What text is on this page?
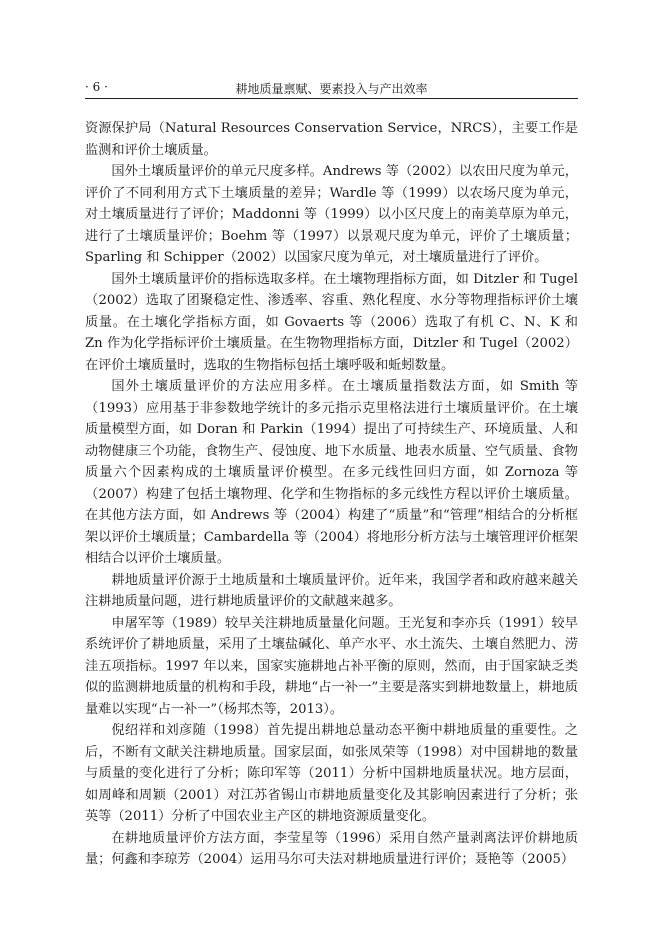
· 6 ·	耕地质量禀赋、要素投入与产出效率

资源保护局（Natural Resources Conservation Service，NRCS），主要工作是监测和评价土壤质量。

国外土壤质量评价的单元尺度多样。Andrews 等（2002）以农田尺度为单元，评价了不同利用方式下土壤质量的差异；Wardle 等（1999）以农场尺度为单元，对土壤质量进行了评价；Maddonni 等（1999）以小区尺度上的南美草原为单元，进行了土壤质量评价；Boehm 等（1997）以景观尺度为单元，评价了土壤质量；Sparling 和 Schipper（2002）以国家尺度为单元，对土壤质量进行了评价。

国外土壤质量评价的指标选取多样。在土壤物理指标方面，如 Ditzler 和 Tugel（2002）选取了团聚稳定性、渗透率、容重、熟化程度、水分等物理指标评价土壤质量。在土壤化学指标方面，如 Govaerts 等（2006）选取了有机 C、N、K 和 Zn 作为化学指标评价土壤质量。在生物物理指标方面，Ditzler 和 Tugel（2002）在评价土壤质量时，选取的生物指标包括土壤呼吸和蚯蚓数量。

国外土壤质量评价的方法应用多样。在土壤质量指数法方面，如 Smith 等（1993）应用基于非参数地学统计的多元指示克里格法进行土壤质量评价。在土壤质量模型方面，如 Doran 和 Parkin（1994）提出了可持续生产、环境质量、人和动物健康三个功能，食物生产、侵蚀度、地下水质量、地表水质量、空气质量、食物质量六个因素构成的土壤质量评价模型。在多元线性回归方面，如 Zornoza 等（2007）构建了包括土壤物理、化学和生物指标的多元线性方程以评价土壤质量。在其他方法方面，如 Andrews 等（2004）构建了“质量”和“管理”相结合的分析框架以评价土壤质量；Cambardella 等（2004）将地形分析方法与土壤管理评价框架相结合以评价土壤质量。

耕地质量评价源于土地质量和土壤质量评价。近年来，我国学者和政府越来越关注耕地质量问题，进行耕地质量评价的文献越来越多。

申屠军等（1989）较早关注耕地质量量化问题。王光复和李亦兵（1991）较早系统评价了耕地质量，采用了土壤盐碱化、单产水平、水土流失、土壤自然肥力、涝洼五项指标。1997 年以来，国家实施耕地占补平衡的原则，然而，由于国家缺乏类似的监测耕地质量的机构和手段，耕地“占一补一”主要是落实到耕地数量上，耕地质量难以实现“占一补一”（杨邦杰等，2013）。

倪绍祥和刘彦随（1998）首先提出耕地总量动态平衡中耕地质量的重要性。之后，不断有文献关注耕地质量。国家层面，如张凤荣等（1998）对中国耕地的数量与质量的变化进行了分析；陈印军等（2011）分析中国耕地质量状况。地方层面，如周峰和周颖（2001）对江苏省锡山市耕地质量变化及其影响因素进行了分析；张英等（2011）分析了中国农业主产区的耕地资源质量变化。

在耕地质量评价方法方面，李莹星等（1996）采用自然产量剥离法评价耕地质量；何鑫和李琼芳（2004）运用马尔可夫法对耕地质量进行评价；聂艳等（2005）
